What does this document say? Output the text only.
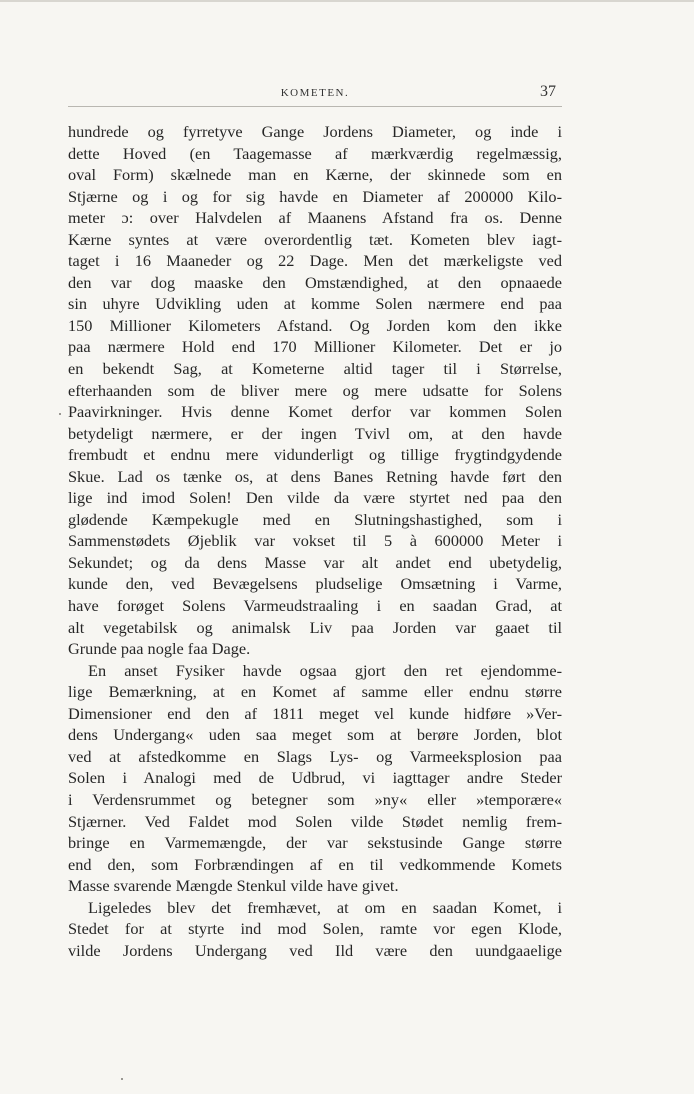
KOMETEN.	37
hundrede og fyrretyve Gange Jordens Diameter, og inde i
dette Hoved (en Taagemasse af mærkværdig regelmæssig,
oval Form) skælnede man en Kærne, der skinnede som en
Stjærne og i og for sig havde en Diameter af 200000 Kilo-
meter ɔ: over Halvdelen af Maanens Afstand fra os. Denne
Kærne syntes at være overordentlig tæt. Kometen blev iagt-
taget i 16 Maaneder og 22 Dage. Men det mærkeligste ved
den var dog maaske den Omstændighed, at den opnaaede
sin uhyre Udvikling uden at komme Solen nærmere end paa
150 Millioner Kilometers Afstand. Og Jorden kom den ikke
paa nærmere Hold end 170 Millioner Kilometer. Det er jo
en bekendt Sag, at Kometerne altid tager til i Størrelse,
efterhaanden som de bliver mere og mere udsatte for Solens
Paavirkninger. Hvis denne Komet derfor var kommen Solen
betydeligt nærmere, er der ingen Tvivl om, at den havde
frembudt et endnu mere vidunderligt og tillige frygtindgydende
Skue. Lad os tænke os, at dens Banes Retning havde ført den
lige ind imod Solen! Den vilde da være styrtet ned paa den
glødende Kæmpekugle med en Slutningshastighed, som i
Sammenstødets Øjeblik var vokset til 5 à 600000 Meter i
Sekundet; og da dens Masse var alt andet end ubetydelig,
kunde den, ved Bevægelsens pludselige Omsætning i Varme,
have forøget Solens Varmeudstraaling i en saadan Grad, at
alt vegetabilsk og animalsk Liv paa Jorden var gaaet til
Grunde paa nogle faa Dage.
En anset Fysiker havde ogsaa gjort den ret ejendomme-
lige Bemærkning, at en Komet af samme eller endnu større
Dimensioner end den af 1811 meget vel kunde hidføre »Ver-
dens Undergang« uden saa meget som at berøre Jorden, blot
ved at afstedkomme en Slags Lys- og Varmeeksplosion paa
Solen i Analogi med de Udbrud, vi iagttager andre Steder
i Verdensrummet og betegner som »ny« eller »temporære«
Stjærner. Ved Faldet mod Solen vilde Stødet nemlig frem-
bringe en Varmemængde, der var sekstusinde Gange større
end den, som Forbrændingen af en til vedkommende Komets
Masse svarende Mængde Stenkul vilde have givet.
Ligeledes blev det fremhævet, at om en saadan Komet, i
Stedet for at styrte ind mod Solen, ramte vor egen Klode,
vilde Jordens Undergang ved Ild være den uundgaaelige
